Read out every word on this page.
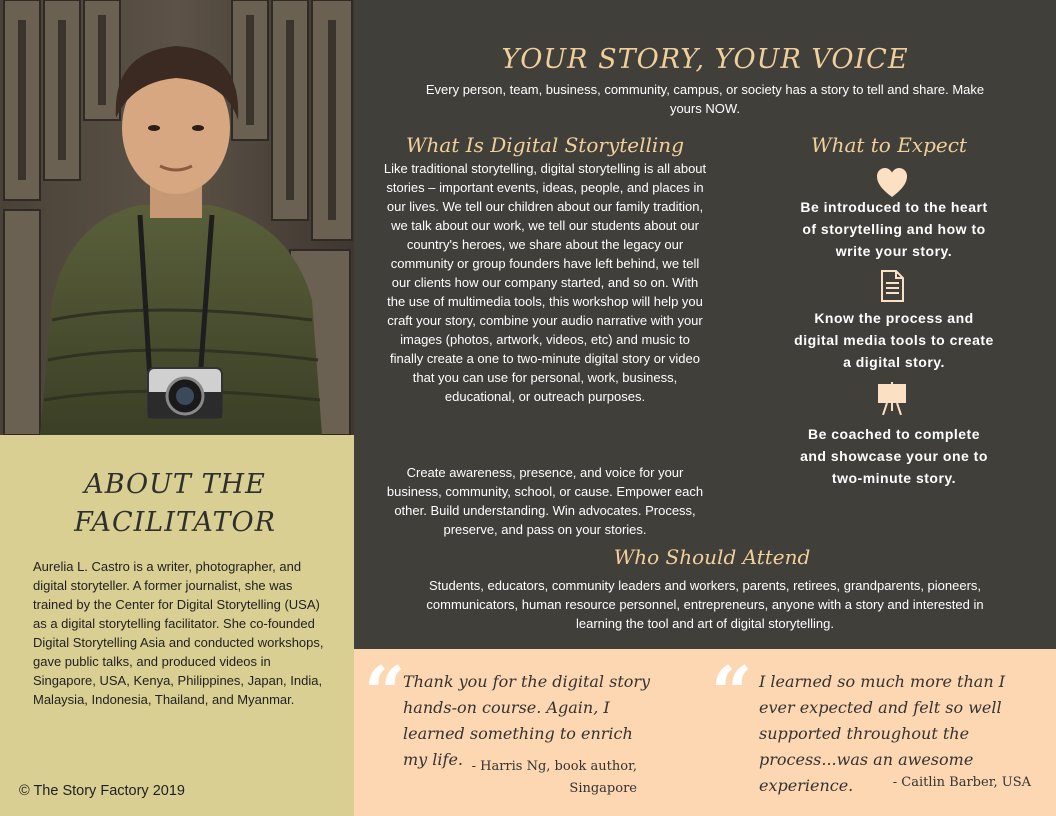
ABOUT THE FACILITATOR
Aurelia L. Castro is a writer, photographer, and digital storyteller. A former journalist, she was trained by the Center for Digital Storytelling (USA) as a digital storytelling facilitator. She co-founded Digital Storytelling Asia and conducted workshops, gave public talks, and produced videos in Singapore, USA, Kenya, Philippines, Japan, India, Malaysia, Indonesia, Thailand, and Myanmar.
© The Story Factory 2019
YOUR STORY, YOUR VOICE
Every person, team, business, community, campus, or society has a story to tell and share. Make yours NOW.
What Is Digital Storytelling
Like traditional storytelling, digital storytelling is all about stories – important events, ideas, people, and places in our lives. We tell our children about our family tradition, we talk about our work, we tell our students about our country's heroes, we share about the legacy our community or group founders have left behind, we tell our clients how our company started, and so on. With the use of multimedia tools, this workshop will help you craft your story, combine your audio narrative with your images (photos, artwork, videos, etc) and music to finally create a one to two-minute digital story or video that you can use for personal, work, business, educational, or outreach purposes.
Create awareness, presence, and voice for your business, community, school, or cause. Empower each other. Build understanding. Win advocates. Process, preserve, and pass on your stories.
What to Expect
Be introduced to the heart of storytelling and how to write your story.
Know the process and digital media tools to create a digital story.
Be coached to complete and showcase your one to two-minute story.
Who Should Attend
Students, educators, community leaders and workers, parents, retirees, grandparents, pioneers, communicators, human resource personnel, entrepreneurs, anyone with a story and interested in learning the tool and art of digital storytelling.
“
Thank you for the digital story hands-on course. Again, I learned something to enrich my life. - Harris Ng, book author, Singapore
“ I learned so much more than I ever expected and felt so well supported throughout the process...was an awesome experience.	- Caitlin Barber, USA
